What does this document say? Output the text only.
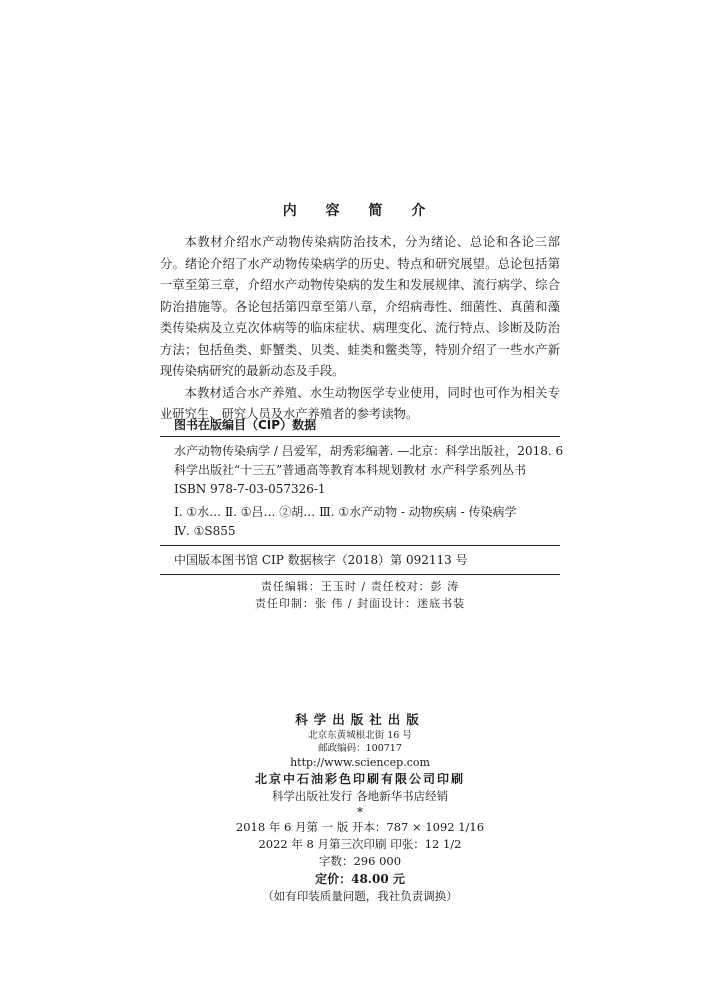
内 容 简 介

本教材介绍水产动物传染病防治技术，分为绪论、总论和各论三部分。绪论介绍了水产动物传染病学的历史、特点和研究展望。总论包括第一章至第三章，介绍水产动物传染病的发生和发展规律、流行病学、综合防治措施等。各论包括第四章至第八章，介绍病毒性、细菌性、真菌和藻类传染病及立克次体病等的临床症状、病理变化、流行特点、诊断及防治方法；包括鱼类、虾蟹类、贝类、蛙类和鳖类等，特别介绍了一些水产新现传染病研究的最新动态及手段。

本教材适合水产养殖、水生动物医学专业使用，同时也可作为相关专业研究生、研究人员及水产养殖者的参考读物。

图书在版编目（CIP）数据
水产动物传染病学 / 吕爱军，胡秀彩编著. —北京：科学出版社，2018. 6
科学出版社“十三五”普通高等教育本科规划教材 水产科学系列丛书
ISBN 978-7-03-057326-1
Ⅰ. ①水… Ⅱ. ①吕… ②胡… Ⅲ. ①水产动物 - 动物疾病 - 传染病学
Ⅳ. ①S855
中国版本图书馆 CIP 数据核字（2018）第 092113 号
责任编辑：王玉时 / 责任校对：彭 涛
责任印制：张 伟 / 封面设计：迷底书装
科学出版社出版
北京东黄城根北街 16 号
邮政编码：100717
http://www.sciencep.com
北京中石油彩色印刷有限公司印刷
科学出版社发行 各地新华书店经销
*
2018 年 6 月第 一 版 开本：787 × 1092 1/16
2022 年 8 月第三次印刷 印张：12 1/2
字数：296 000
定价：48.00 元
（如有印装质量问题，我社负责调换）
